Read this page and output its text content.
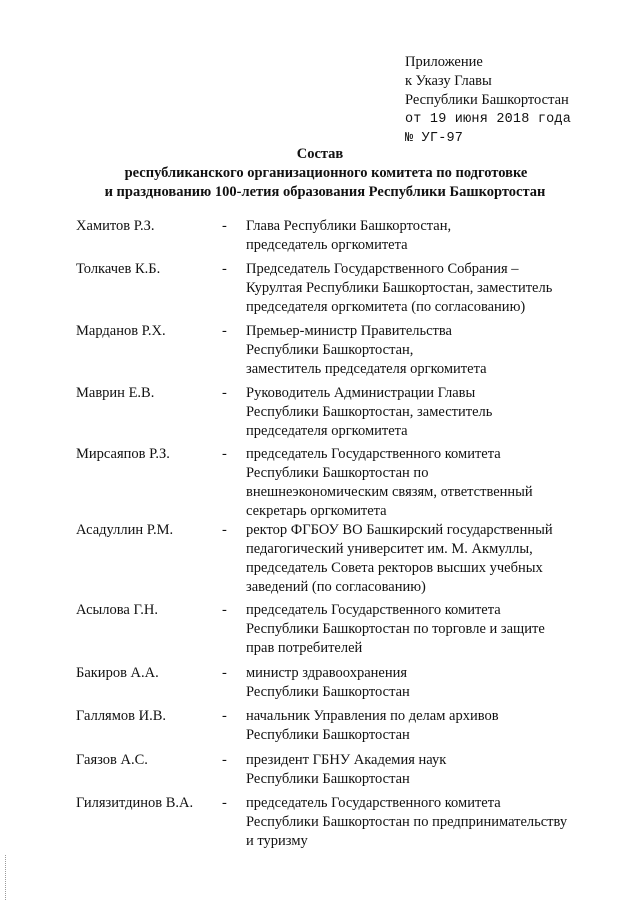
Приложение
к Указу Главы
Республики Башкортостан
от 19 июня 2018 года
№ УГ-97
Состав
республиканского организационного комитета по подготовке
и празднованию 100-летия образования Республики Башкортостан
Хамитов Р.З.	- Глава Республики Башкортостан,
председатель оргкомитета
Толкачев К.Б.	- Председатель Государственного Собрания –
Курултая Республики Башкортостан, заместитель
председателя оргкомитета (по согласованию)
Марданов Р.Х.	- Премьер-министр Правительства
Республики Башкортостан,
заместитель председателя оргкомитета
Маврин Е.В.	- Руководитель Администрации Главы
Республики Башкортостан, заместитель
председателя оргкомитета
Мирсаяпов Р.З.	- председатель Государственного комитета
Республики Башкортостан по
внешнеэкономическим связям, ответственный
секретарь оргкомитета
Асадуллин Р.М.	- ректор ФГБОУ ВО Башкирский государственный
педагогический университет им. М. Акмуллы,
председатель Совета ректоров высших учебных
заведений (по согласованию)
Асылова Г.Н.	- председатель Государственного комитета
Республики Башкортостан по торговле и защите
прав потребителей
Бакиров А.А.	- министр здравоохранения
Республики Башкортостан
Галлямов И.В.	- начальник Управления по делам архивов
Республики Башкортостан
Гаязов А.С.	- президент ГБНУ Академия наук
Республики Башкортостан
Гилязитдинов В.А. - председатель Государственного комитета
Республики Башкортостан по предпринимательству
и туризму
